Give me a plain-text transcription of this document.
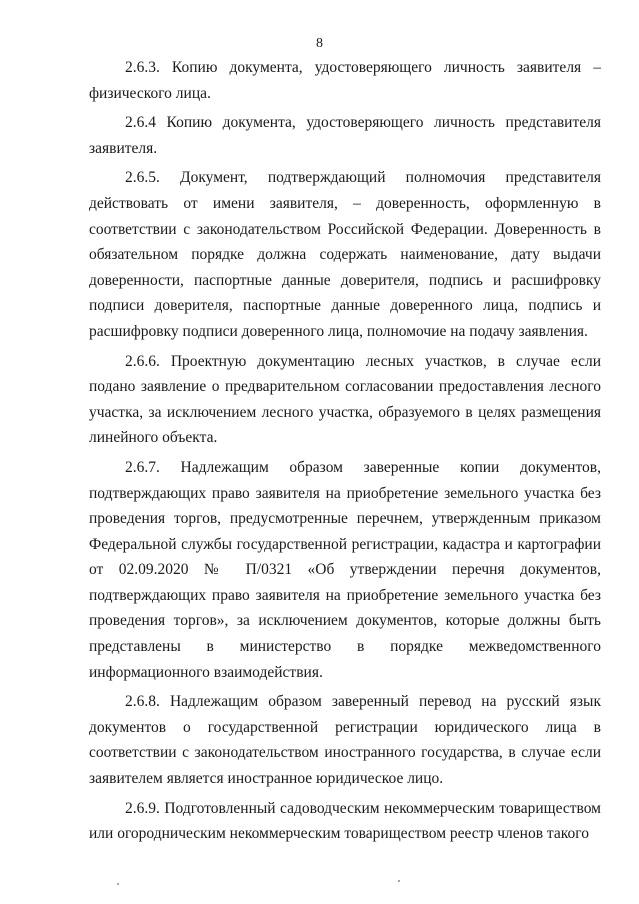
8

2.6.3. Копию документа, удостоверяющего личность заявителя – физического лица.

2.6.4 Копию документа, удостоверяющего личность представителя заявителя.

2.6.5. Документ, подтверждающий полномочия представителя действовать от имени заявителя, – доверенность, оформленную в соответствии с законодательством Российской Федерации. Доверенность в обязательном порядке должна содержать наименование, дату выдачи доверенности, паспортные данные доверителя, подпись и расшифровку подписи доверителя, паспортные данные доверенного лица, подпись и расшифровку подписи доверенного лица, полномочие на подачу заявления.

2.6.6. Проектную документацию лесных участков, в случае если подано заявление о предварительном согласовании предоставления лесного участка, за исключением лесного участка, образуемого в целях размещения линейного объекта.

2.6.7. Надлежащим образом заверенные копии документов, подтверждающих право заявителя на приобретение земельного участка без проведения торгов, предусмотренные перечнем, утвержденным приказом Федеральной службы государственной регистрации, кадастра и картографии от 02.09.2020 № П/0321 «Об утверждении перечня документов, подтверждающих право заявителя на приобретение земельного участка без проведения торгов», за исключением документов, которые должны быть представлены в министерство в порядке межведомственного информационного взаимодействия.

2.6.8. Надлежащим образом заверенный перевод на русский язык документов о государственной регистрации юридического лица в соответствии с законодательством иностранного государства, в случае если заявителем является иностранное юридическое лицо.

2.6.9. Подготовленный садоводческим некоммерческим товариществом или огородническим некоммерческим товариществом реестр членов такого
